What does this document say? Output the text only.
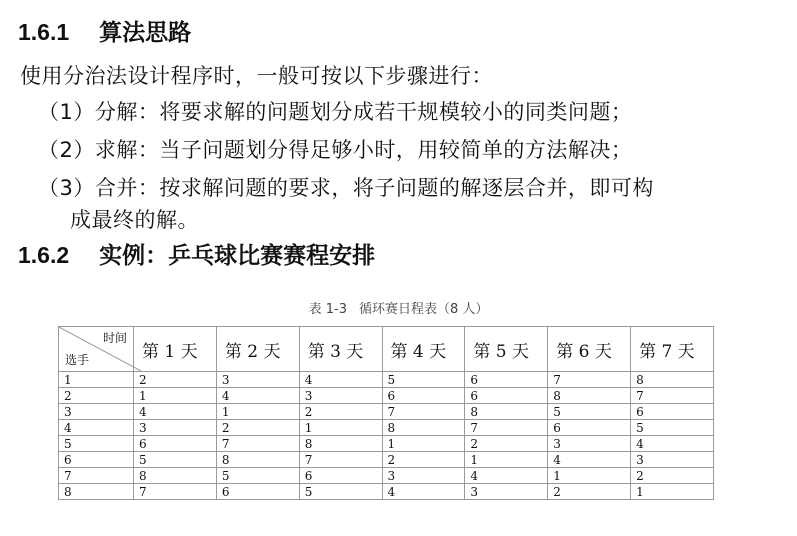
1.6.1 算法思路
使用分治法设计程序时，一般可按以下步骤进行：
（1）分解：将要求解的问题划分成若干规模较小的同类问题；
（2）求解：当子问题划分得足够小时，用较简单的方法解决；
（3）合并：按求解问题的要求，将子问题的解逐层合并，即可构
成最终的解。
1.6.2 实例：乒乓球比赛赛程安排
表 1-3 循环赛日程表（8 人）
时间
选手	第 1 天	第 2 天	第 3 天	第 4 天	第 5 天	第 6 天	第 7 天
1	2	3	4	5	6	7	8
2	1	4	3	6	6	8	7
3	4	1	2	7	8	5	6
4	3	2	1	8	7	6	5
5	6	7	8	1	2	3	4
6	5	8	7	2	1	4	3
7	8	5	6	3	4	1	2
8	7	6	5	4	3	2	1
